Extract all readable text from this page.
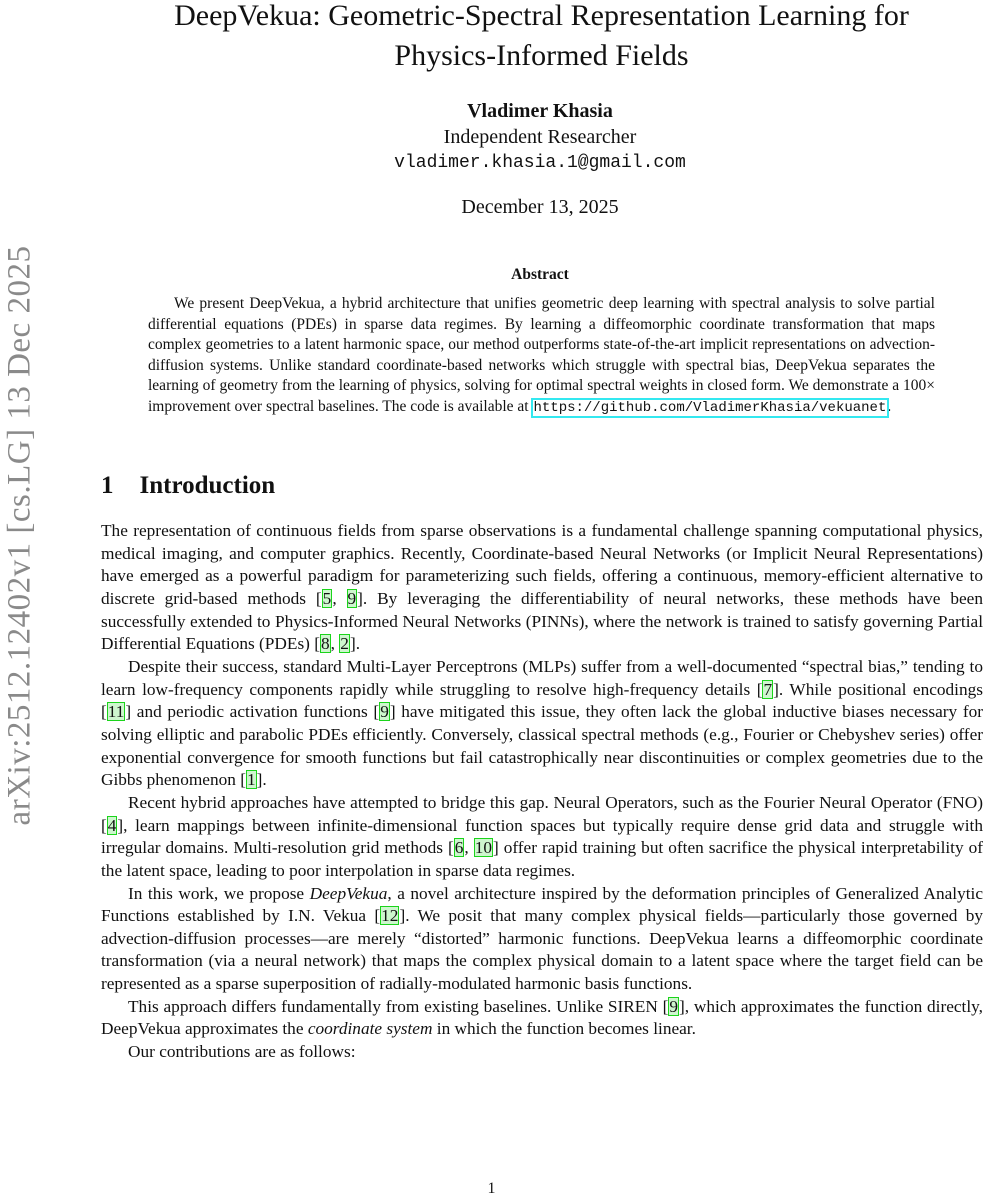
arXiv:2512.12402v1 [cs.LG] 13 Dec 2025
DeepVekua: Geometric-Spectral Representation Learning for
Physics-Informed Fields
Vladimer Khasia
Independent Researcher
vladimer.khasia.1@gmail.com
December 13, 2025
Abstract
We present DeepVekua, a hybrid architecture that unifies geometric deep learning with spectral analysis to solve partial differential equations (PDEs) in sparse data regimes. By learning a diffeomorphic coordinate transformation that maps complex geometries to a latent harmonic space, our method outperforms state-of-the-art implicit representations on advection-diffusion systems. Unlike standard coordinate-based networks which struggle with spectral bias, DeepVekua separates the learning of geometry from the learning of physics, solving for optimal spectral weights in closed form. We demonstrate a 100× improvement over spectral baselines. The code is available at https://github.com/VladimerKhasia/vekuanet.
1 Introduction

The representation of continuous fields from sparse observations is a fundamental challenge spanning computational physics, medical imaging, and computer graphics. Recently, Coordinate-based Neural Networks (or Implicit Neural Representations) have emerged as a powerful paradigm for parameterizing such fields, offering a continuous, memory-efficient alternative to discrete grid-based methods [5, 9]. By leveraging the differentiability of neural networks, these methods have been successfully extended to Physics-Informed Neural Networks (PINNs), where the network is trained to satisfy governing Partial Differential Equations (PDEs) [8, 2].

Despite their success, standard Multi-Layer Perceptrons (MLPs) suffer from a well-documented “spectral bias,” tending to learn low-frequency components rapidly while struggling to resolve high-frequency details [7]. While positional encodings [11] and periodic activation functions [9] have mitigated this issue, they often lack the global inductive biases necessary for solving elliptic and parabolic PDEs efficiently. Conversely, classical spectral methods (e.g., Fourier or Chebyshev series) offer exponential convergence for smooth functions but fail catastrophically near discontinuities or complex geometries due to the Gibbs phenomenon [1].

Recent hybrid approaches have attempted to bridge this gap. Neural Operators, such as the Fourier Neural Operator (FNO) [4], learn mappings between infinite-dimensional function spaces but typically require dense grid data and struggle with irregular domains. Multi-resolution grid methods [6, 10] offer rapid training but often sacrifice the physical interpretability of the latent space, leading to poor interpolation in sparse data regimes.

In this work, we propose DeepVekua, a novel architecture inspired by the deformation principles of Generalized Analytic Functions established by I.N. Vekua [12]. We posit that many complex physical fields—particularly those governed by advection-diffusion processes—are merely “distorted” harmonic functions. DeepVekua learns a diffeomorphic coordinate transformation (via a neural network) that maps the complex physical domain to a latent space where the target field can be represented as a sparse superposition of radially-modulated harmonic basis functions.

This approach differs fundamentally from existing baselines. Unlike SIREN [9], which approximates the function directly, DeepVekua approximates the coordinate system in which the function becomes linear.

Our contributions are as follows:

1
